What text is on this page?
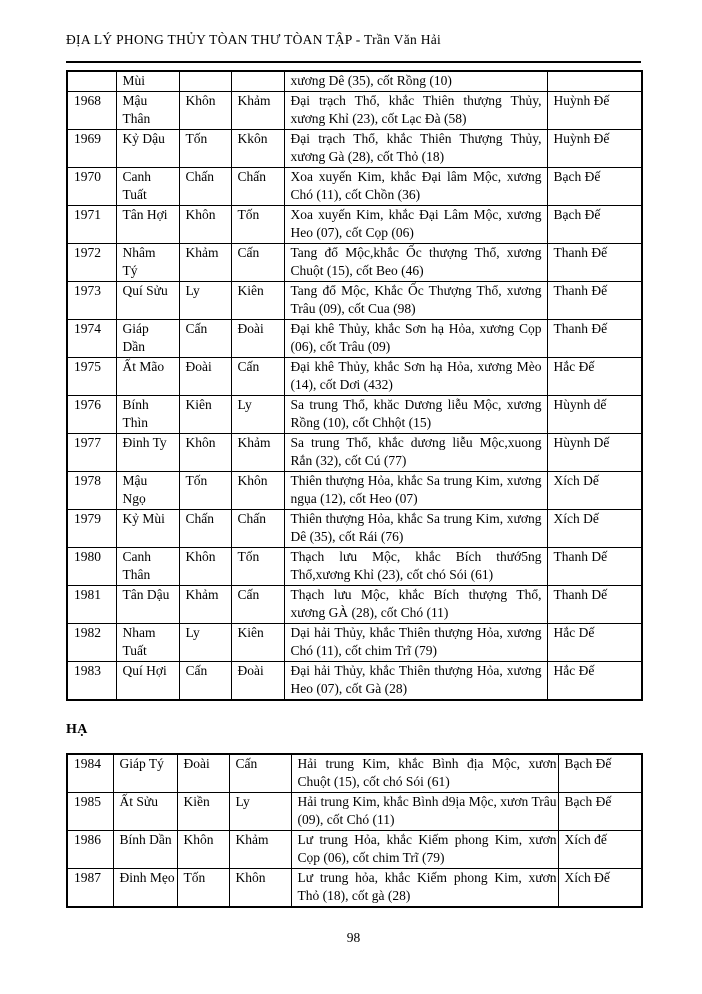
ĐỊA LÝ PHONG THỦY TÒAN THƯ TÒAN TẬP - Trần Văn Hải
	Mùi			xương Dê (35), cốt Rồng (10)	
1968	Mậu Thân	Khôn	Khảm	Đại trạch Thổ, khắc Thiên thượng Thủy, xương Khỉ (23), cốt Lạc Đà (58)	Huỳnh Đế
1969	Kỷ Dậu	Tốn	Kkôn	Đại trạch Thổ, khắc Thiên Thượng Thủy, xương Gà (28), cốt Thỏ (18)	Huỳnh Đế
1970	Canh Tuất	Chấn	Chấn	Xoa xuyến Kim, khắc Đại lâm Mộc, xương Chó (11), cốt Chồn (36)	Bạch Đế
1971	Tân Hợi	Khôn	Tốn	Xoa xuyến Kim, khắc Đại Lâm Mộc, xương Heo (07), cốt Cọp (06)	Bạch Đế
1972	Nhâm Tý	Khảm	Cấn	Tang đổ Mộc,khắc Ốc thượng Thổ, xương Chuột (15), cốt Beo (46)	Thanh Đế
1973	Quí Sửu	Ly	Kiên	Tang đổ Mộc, Khắc Ốc Thượng Thổ, xương Trâu (09), cốt Cua (98)	Thanh Đế
1974	Giáp Dần	Cấn	Đoài	Đại khê Thủy, khắc Sơn hạ Hỏa, xương Cọp (06), cốt Trâu (09)	Thanh Đế
1975	Ất Mão	Đoài	Cấn	Đại khê Thủy, khắc Sơn hạ Hỏa, xương Mèo (14), cốt Dơi (432)	Hắc Đế
1976	Bính Thìn	Kiên	Ly	Sa trung Thổ, khăc Dương liễu Mộc, xương Rồng (10), cốt Chhột (15)	Hùynh dế
1977	Đinh Ty	Khôn	Khảm	Sa trung Thổ, khắc dương liễu Mộc,xuong Rắn (32), cốt Cú (77)	Hùynh Dế
1978	Mậu Ngọ	Tốn	Khôn	Thiên thượng Hỏa, khắc Sa trung Kim, xương ngụa (12), cốt Heo (07)	Xích Dế
1979	Kỷ Mùi	Chấn	Chấn	Thiên thượng Hỏa, khắc Sa trung Kim, xương Dê (35), cốt Rái (76)	Xích Dế
1980	Canh Thân	Khôn	Tốn	Thạch lưu Mộc, khắc Bích thướ5ng Thổ,xương Khỉ (23), cốt chó Sói (61)	Thanh Dế
1981	Tân Dậu	Khảm	Cấn	Thạch lưu Mộc, khắc Bích thượng Thổ, xương GÀ (28), cốt Chó (11)	Thanh Dế
1982	Nham Tuất	Ly	Kiên	Dại hải Thủy, khắc Thiên thượng Hỏa, xương Chó (11), cốt chim Trĩ (79)	Hắc Dế
1983	Quí Hợi	Cấn	Đoài	Đại hải Thủy, khắc Thiên thượng Hỏa, xương Heo (07), cốt Gà (28)	Hắc Đế
HẠ
1984	Giáp Tý	Đoài	Cấn	Hải trung Kim, khắc Bình địa Mộc, xươn Chuột (15), cốt chó Sói (61)	Bạch Đế
1985	Ất Sửu	Kiền	Ly	Hải trung Kim, khắc Bình d9ịa Mộc, xươn Trâu (09), cốt Chó (11)	Bạch Đế
1986	Bính Dần	Khôn	Khảm	Lư trung Hỏa, khắc Kiếm phong Kim, xươn Cọp (06), cốt chim Trĩ (79)	Xích đế
1987	Đinh Mẹo	Tốn	Khôn	Lư trung hỏa, khắc Kiếm phong Kim, xươn Thỏ (18), cốt gà (28)	Xích Đế
98
